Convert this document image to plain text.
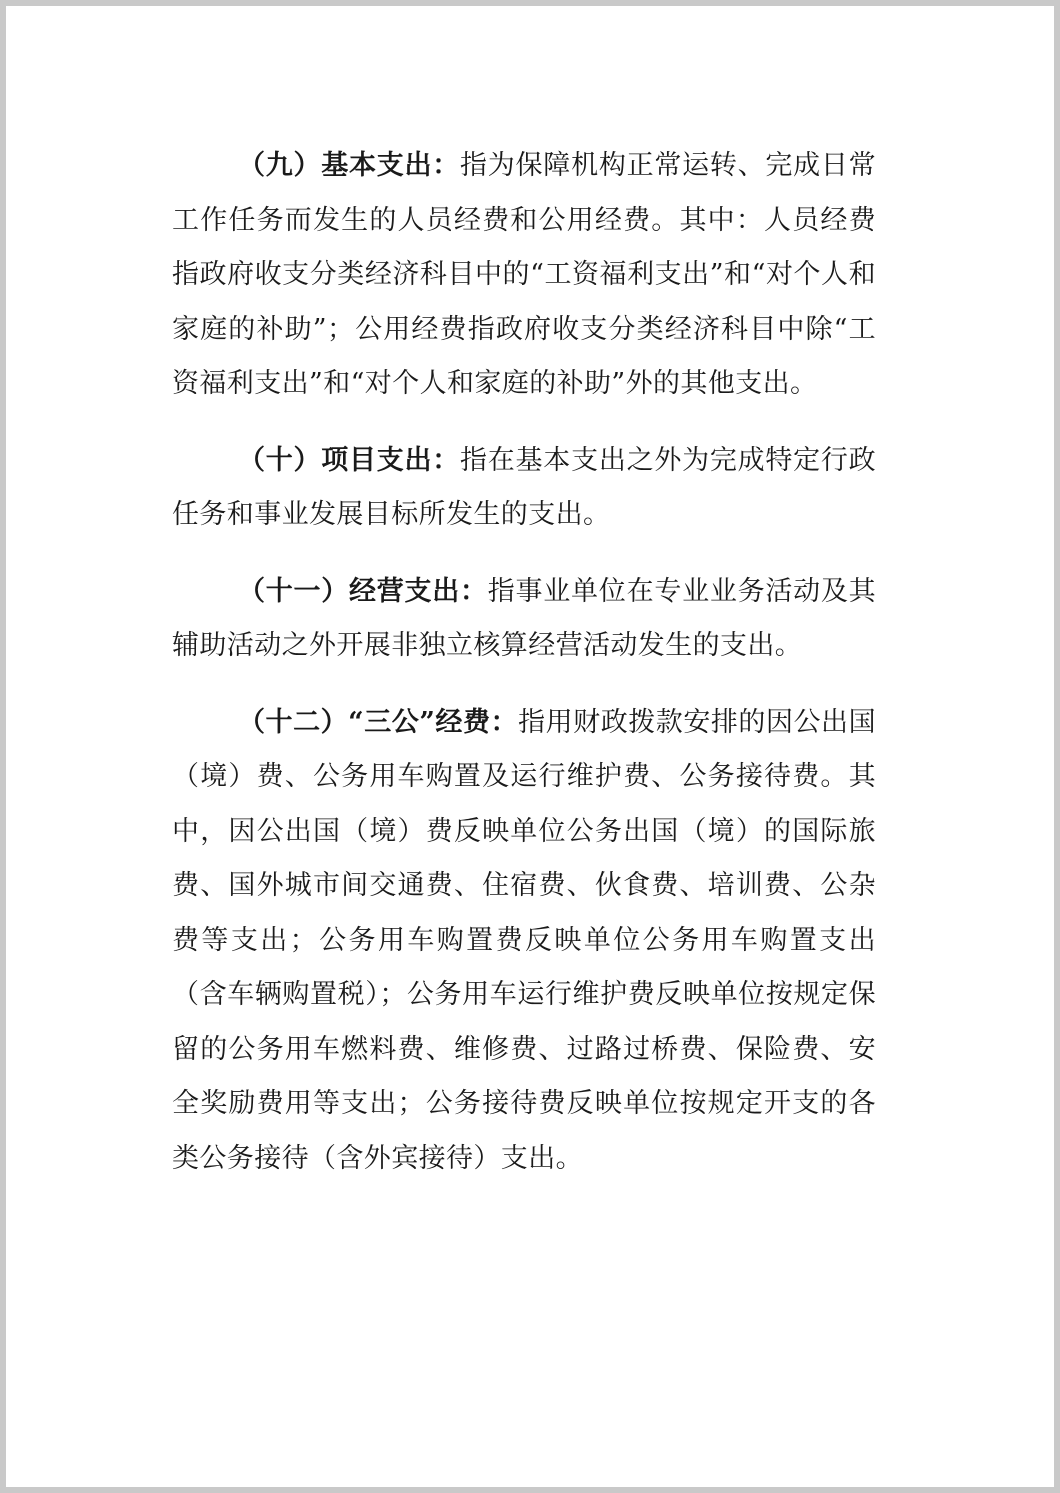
（九）基本支出：指为保障机构正常运转、完成日常工作任务而发生的人员经费和公用经费。其中：人员经费指政府收支分类经济科目中的“工资福利支出”和“对个人和家庭的补助”；公用经费指政府收支分类经济科目中除“工资福利支出”和“对个人和家庭的补助”外的其他支出。

（十）项目支出：指在基本支出之外为完成特定行政任务和事业发展目标所发生的支出。

（十一）经营支出：指事业单位在专业业务活动及其辅助活动之外开展非独立核算经营活动发生的支出。

（十二）“三公”经费：指用财政拨款安排的因公出国（境）费、公务用车购置及运行维护费、公务接待费。其中，因公出国（境）费反映单位公务出国（境）的国际旅费、国外城市间交通费、住宿费、伙食费、培训费、公杂费等支出；公务用车购置费反映单位公务用车购置支出（含车辆购置税）；公务用车运行维护费反映单位按规定保留的公务用车燃料费、维修费、过路过桥费、保险费、安全奖励费用等支出；公务接待费反映单位按规定开支的各类公务接待（含外宾接待）支出。
